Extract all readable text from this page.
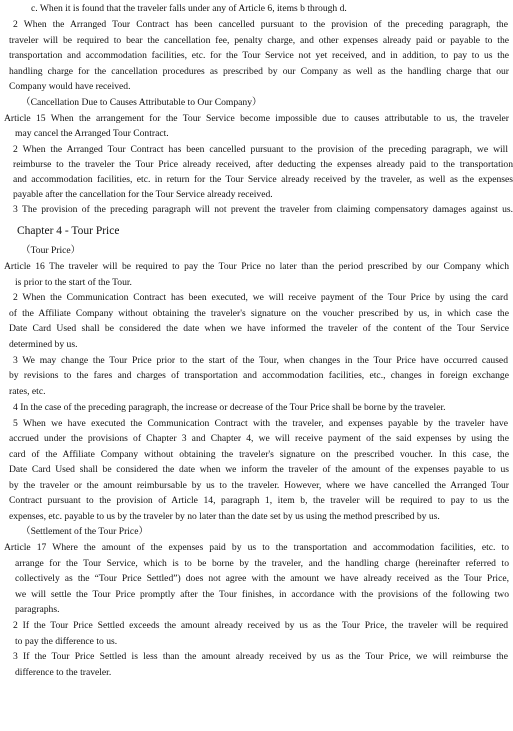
c. When it is found that the traveler falls under any of Article 6, items b through d.
2 When the Arranged Tour Contract has been cancelled pursuant to the provision of the preceding paragraph, the
traveler will be required to bear the cancellation fee, penalty charge, and other expenses already paid or payable to the
transportation and accommodation facilities, etc. for the Tour Service not yet received, and in addition, to pay to us the
handling charge for the cancellation procedures as prescribed by our Company as well as the handling charge that our
Company would have received.
（Cancellation Due to Causes Attributable to Our Company）
Article 15 When the arrangement for the Tour Service become impossible due to causes attributable to us, the traveler
may cancel the Arranged Tour Contract.
2 When the Arranged Tour Contract has been cancelled pursuant to the provision of the preceding paragraph, we will
reimburse to the traveler the Tour Price already received, after deducting the expenses already paid to the transportation
and accommodation facilities, etc. in return for the Tour Service already received by the traveler, as well as the expenses
payable after the cancellation for the Tour Service already received.
3 The provision of the preceding paragraph will not prevent the traveler from claiming compensatory damages against us.
Chapter 4 - Tour Price
（Tour Price）
Article 16 The traveler will be required to pay the Tour Price no later than the period prescribed by our Company which
is prior to the start of the Tour.
2 When the Communication Contract has been executed, we will receive payment of the Tour Price by using the card
of the Affiliate Company without obtaining the traveler's signature on the voucher prescribed by us, in which case the
Date Card Used shall be considered the date when we have informed the traveler of the content of the Tour Service
determined by us.
3 We may change the Tour Price prior to the start of the Tour, when changes in the Tour Price have occurred caused
by revisions to the fares and charges of transportation and accommodation facilities, etc., changes in foreign exchange
rates, etc.
4 In the case of the preceding paragraph, the increase or decrease of the Tour Price shall be borne by the traveler.
5 When we have executed the Communication Contract with the traveler, and expenses payable by the traveler have
accrued under the provisions of Chapter 3 and Chapter 4, we will receive payment of the said expenses by using the
card of the Affiliate Company without obtaining the traveler's signature on the prescribed voucher. In this case, the
Date Card Used shall be considered the date when we inform the traveler of the amount of the expenses payable to us
by the traveler or the amount reimbursable by us to the traveler. However, where we have cancelled the Arranged Tour
Contract pursuant to the provision of Article 14, paragraph 1, item b, the traveler will be required to pay to us the
expenses, etc. payable to us by the traveler by no later than the date set by us using the method prescribed by us.
（Settlement of the Tour Price）
Article 17 Where the amount of the expenses paid by us to the transportation and accommodation facilities, etc. to
arrange for the Tour Service, which is to be borne by the traveler, and the handling charge (hereinafter referred to
collectively as the “Tour Price Settled”) does not agree with the amount we have already received as the Tour Price,
we will settle the Tour Price promptly after the Tour finishes, in accordance with the provisions of the following two
paragraphs.
2 If the Tour Price Settled exceeds the amount already received by us as the Tour Price, the traveler will be required
to pay the difference to us.
3 If the Tour Price Settled is less than the amount already received by us as the Tour Price, we will reimburse the
difference to the traveler.
